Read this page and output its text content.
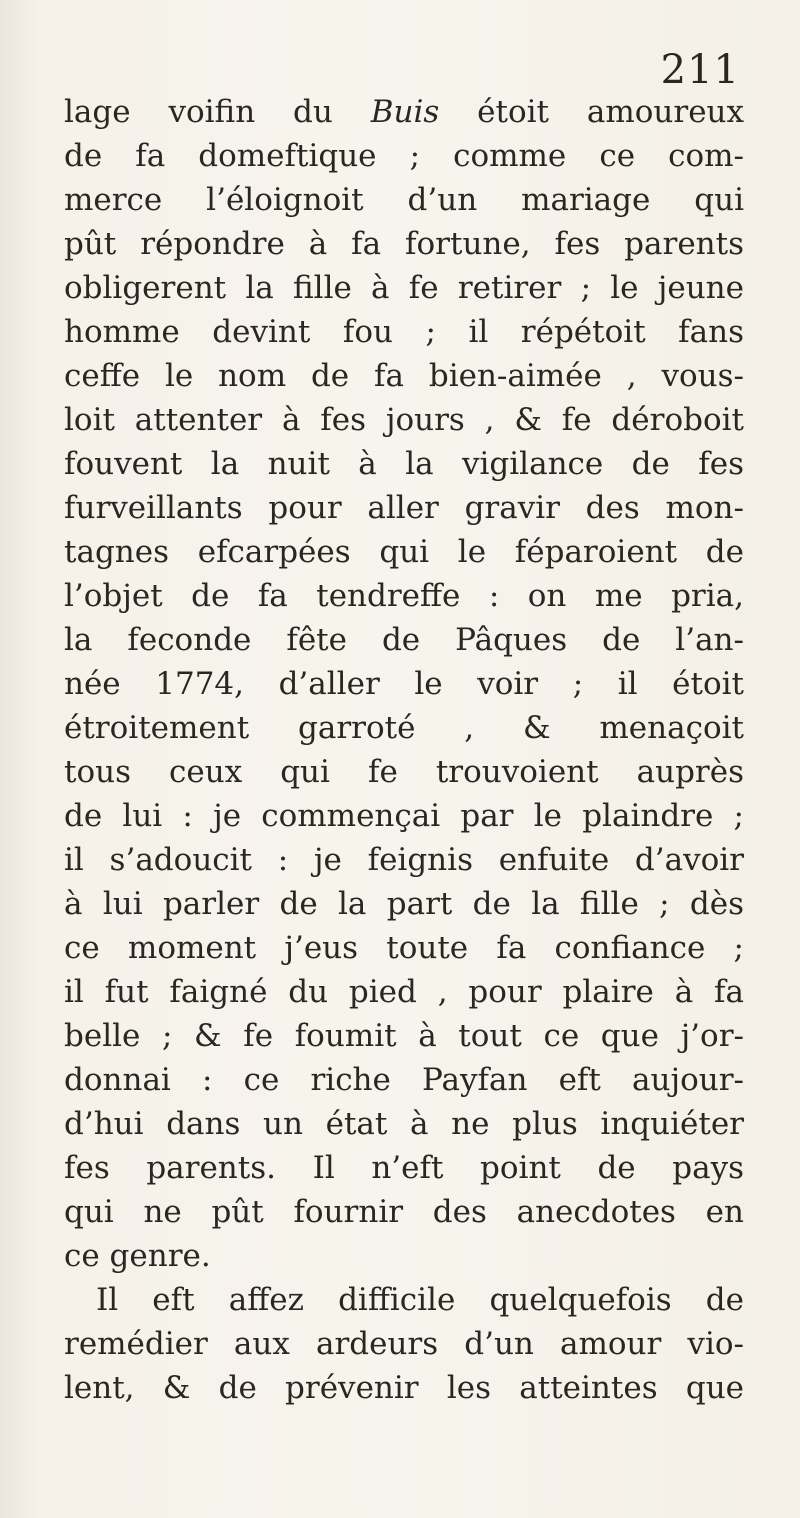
211
lage voifin du Buis étoit amoureux
de fa domeftique ; comme ce com-
merce l’éloignoit d’un mariage qui
pût répondre à fa fortune, fes parents
obligerent la fille à fe retirer ; le jeune
homme devint fou ; il répétoit fans
ceffe le nom de fa bien-aimée , vous-
loit attenter à fes jours , & fe déroboit
fouvent la nuit à la vigilance de fes
furveillants pour aller gravir des mon-
tagnes efcarpées qui le féparoient de
l’objet de fa tendreffe : on me pria,
la feconde fête de Pâques de l’an-
née 1774, d’aller le voir ; il étoit
étroitement garroté , & menaçoit
tous ceux qui fe trouvoient auprès
de lui : je commençai par le plaindre ;
il s’adoucit : je feignis enfuite d’avoir
à lui parler de la part de la fille ; dès
ce moment j’eus toute fa confiance ;
il fut faigné du pied , pour plaire à fa
belle ; & fe foumit à tout ce que j’or-
donnai : ce riche Payfan eft aujour-
d’hui dans un état à ne plus inquiéter
fes parents. Il n’eft point de pays
qui ne pût fournir des anecdotes en
ce genre.
Il eft affez difficile quelquefois de
remédier aux ardeurs d’un amour vio-
lent, & de prévenir les atteintes que
